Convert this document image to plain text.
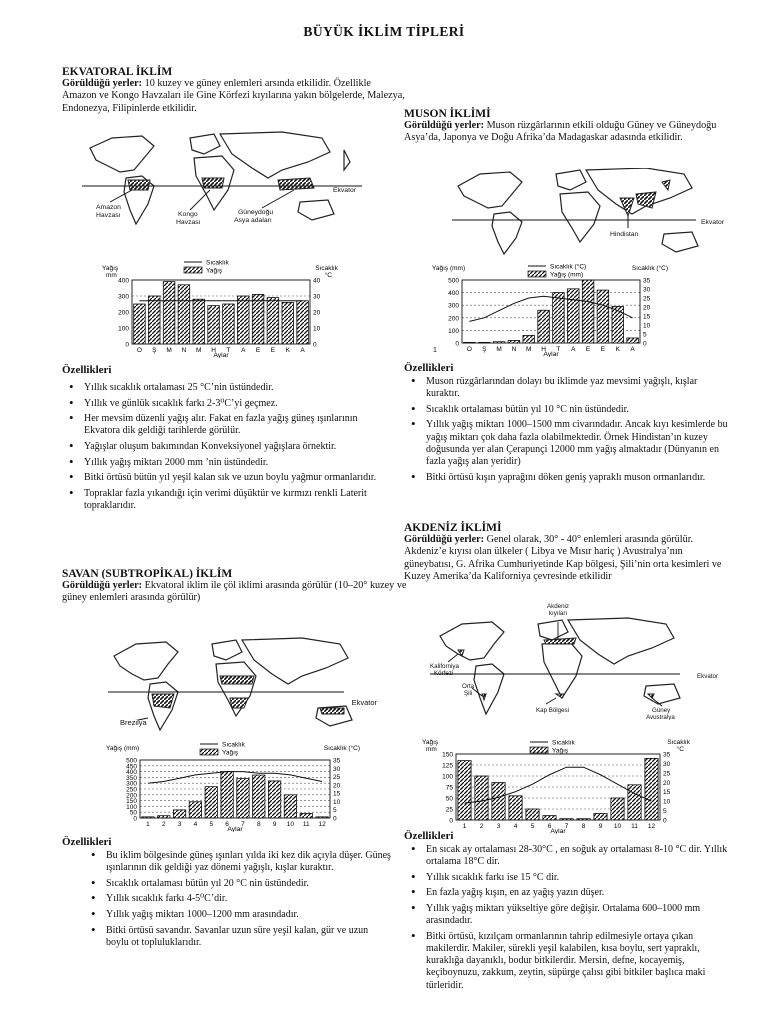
BÜYÜK İKLİM TİPLERİ

EKVATORAL İKLİM

Görüldüğü yerler: 10 kuzey ve güney enlemleri arsında etkilidir. Özellikle Amazon ve Kongo Havzaları ile Gine Körfezi kıyılarına yakın bölgelerde, Malezya, Endonezya, Filipinlerde etkilidir.
Ekvator
Amazon
Havzası	Kongo
Havzası
Güneydoğu
Asya adaları
0
100
200
300
400
0
10
20
30
40
O Ş M N M H T A E E K A
Aylar
Yağış
mm
Sıcaklık
°C
Sıcaklık
Yağış
Özellikleri
• Yıllık sıcaklık ortalaması 25 °C’nin üstündedir.
• Yıllık ve günlük sıcaklık farkı 2-3⁰C’yi geçmez.
• Her mevsim düzenli yağış alır. Fakat en fazla yağış güneş ışınlarının Ekvatora dik geldiği tarihlerde görülür.
• Yağışlar oluşum bakımından Konveksiyonel yağışlara örnektir.
• Yıllık yağış miktarı 2000 mm ’nin üstündedir.
• Bitki örtüsü bütün yıl yeşil kalan sık ve uzun boylu yağmur ormanlarıdır.
• Topraklar fazla yıkandığı için verimi düşüktür ve kırmızı renkli Laterit topraklarıdır.

SAVAN (SUBTROPİKAL) İKLİM

Görüldüğü yerler: Ekvatoral iklim ile çöl iklimi arasında görülür (10–20° kuzey ve güney enlemleri arasında görülür)
Ekvator
Brezilya
0
50
100
150
200
250
300
350
400
450
500
0
5
10
15
20
25
30
35
1 2 3 4 5 6 7 8 9 10 11 12
Aylar
Yağış (mm)	Sıcaklık (°C)
Sıcaklık
Yağış
Özellikleri
• Bu iklim bölgesinde güneş ışınları yılda iki kez dik açıyla düşer. Güneş ışınlarının dik geldiği yaz dönemi yağışlı, kışlar kuraktır.
• Sıcaklık ortalaması bütün yıl 20 °C nin üstündedir.
• Yıllık sıcaklık farkı 4-5⁰C’dir.
• Yıllık yağış miktarı 1000–1200 mm arasındadır.
• Bitki örtüsü savandır. Savanlar uzun süre yeşil kalan, gür ve uzun boylu ot topluluklarıdır.

MUSON İKLİMİ

Görüldüğü yerler: Muson rüzgârlarının etkili olduğu Güney ve Güneydoğu Asya’da, Japonya ve Doğu Afrika’da Madagaskar adasında etkilidir.
Ekvator
Hindistan
0
100
200
300
400
500
0
5
10
15
20
25
30
35
O Ş M N M H T A E E K A
Aylar
Yağış (mm)	Sıcaklık (°C)
Sıcaklık (°C)
Yağış (mm)
1
Özellikleri
• Muson rüzgârlarından dolayı bu iklimde yaz mevsimi yağışlı, kışlar kuraktır.
• Sıcaklık ortalaması bütün yıl 10 °C nin üstündedir.
• Yıllık yağış miktarı 1000–1500 mm civarındadır. Ancak kıyı kesimlerde bu yağış miktarı çok daha fazla olabilmektedir. Örnek Hindistan’ın kuzey doğusunda yer alan Çerapunçi 12000 mm yağış almaktadır (Dünyanın en fazla yağış alan yeridir)
• Bitki örtüsü kışın yaprağını döken geniş yapraklı muson ormanlarıdır.

AKDENİZ İKLİMİ

Görüldüğü yerler: Genel olarak, 30° - 40° enlemleri arasında görülür. Akdeniz’e kıyısı olan ülkeler ( Libya ve Mısır hariç ) Avustralya’nın güneybatısı, G. Afrika Cumhuriyetinde Kap bölgesi, Şili’nin orta kesimleri ve Kuzey Amerika’da Kaliforniya çevresinde etkilidir
Akdeniz
kıyıları
Kaliforniya
Körfezi
Orta
Şili
Kap Bölgesi	Güney
Avustralya
Ekvator
0
25
50
75
100
125
150
0
5
10
15
20
25
30
35
1 2 3 4 5 6 7 8 9 10 11 12
Aylar
Yağış
mm
Sıcaklık
°C
Sıcaklık
Yağış
Özellikleri
• En sıcak ay ortalaması 28-30°C , en soğuk ay ortalaması 8-10 °C dir. Yıllık ortalama 18°C dir.
• Yıllık sıcaklık farkı ise 15 °C dir.
• En fazla yağış kışın, en az yağış yazın düşer.
• Yıllık yağış miktarı yükseltiye göre değişir. Ortalama 600–1000 mm arasındadır.
• Bitki örtüsü, kızılçam ormanlarının tahrip edilmesiyle ortaya çıkan makilerdir. Makiler, sürekli yeşil kalabilen, kısa boylu, sert yapraklı, kuraklığa dayanıklı, bodur bitkilerdir. Mersin, defne, kocayemiş, keçiboynuzu, zakkum, zeytin, süpürge çalısı gibi bitkiler başlıca maki türleridir.
